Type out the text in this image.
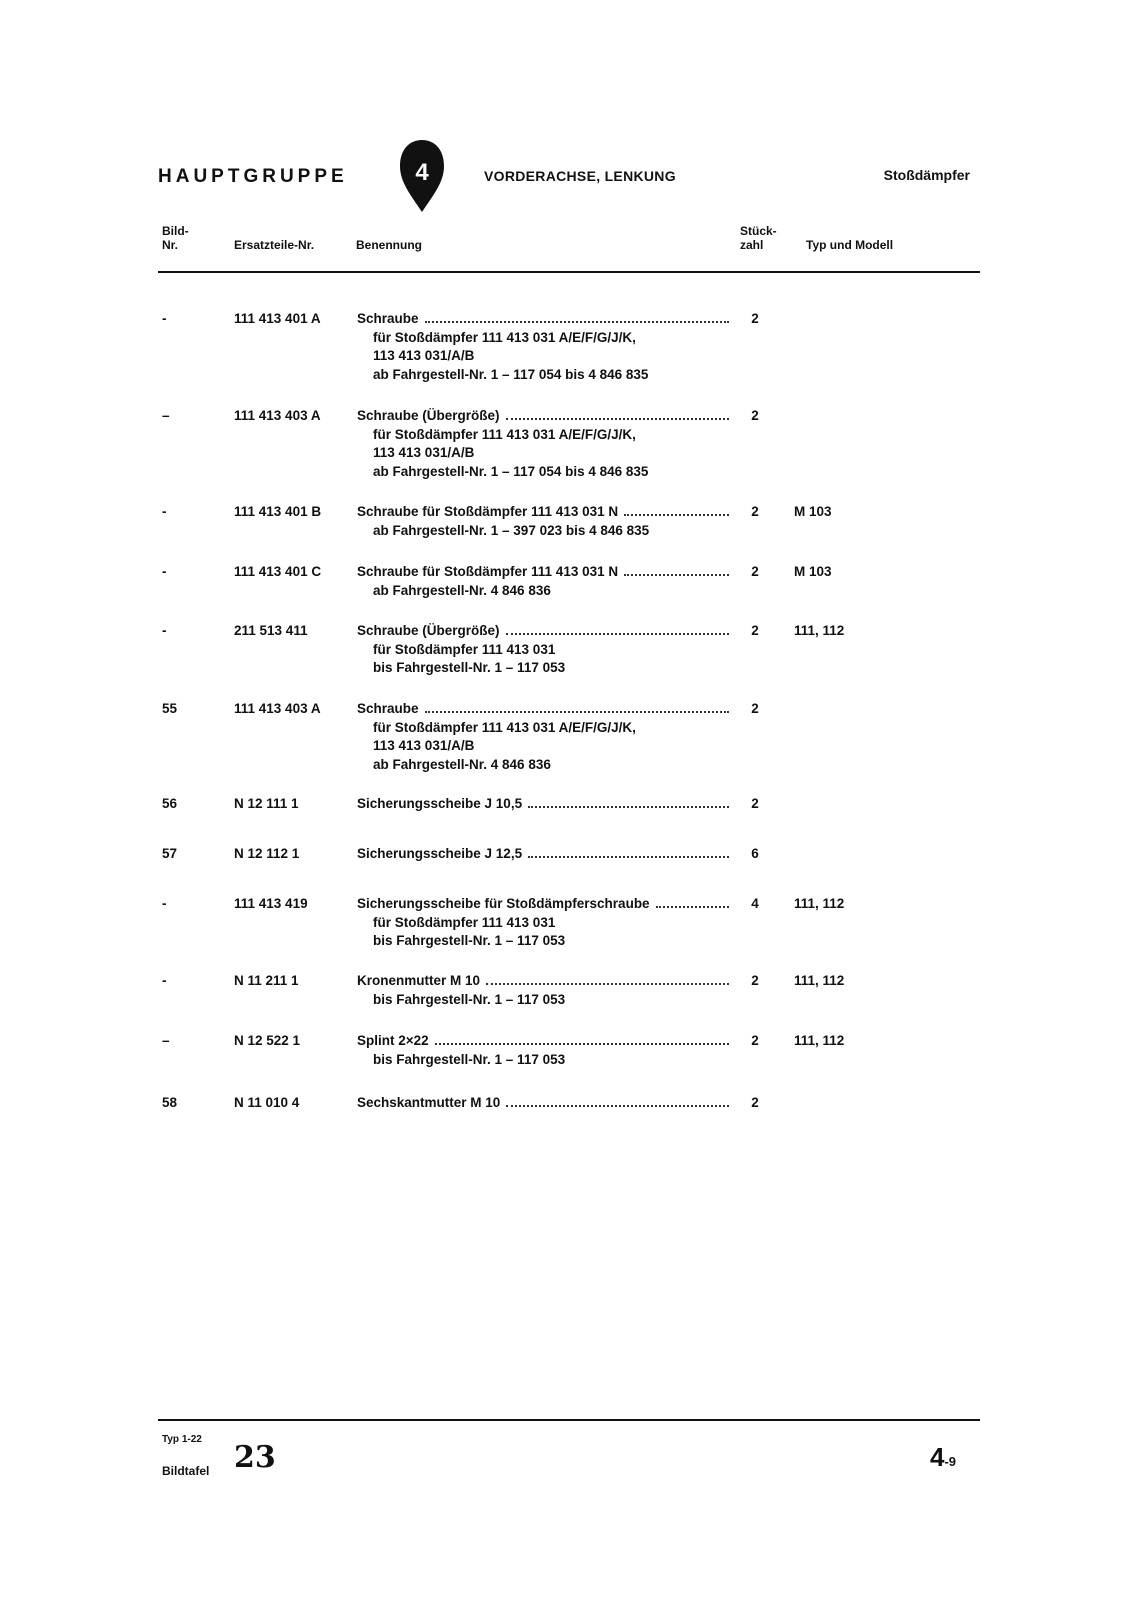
HAUPTGRUPPE	4	VORDERACHSE, LENKUNG	Stoßdämpfer
Bild-
Nr.	Ersatzteile-Nr.	Benennung
Stück-
zahl	Typ und Modell
-	111 413 401 A	Schraube
für Stoßdämpfer 111 413 031 A/E/F/G/J/K,
113 413 031/A/B
ab Fahrgestell-Nr. 1 – 117 054 bis 4 846 835
2
–	111 413 403 A	Schraube (Übergröße)
für Stoßdämpfer 111 413 031 A/E/F/G/J/K,
113 413 031/A/B
ab Fahrgestell-Nr. 1 – 117 054 bis 4 846 835
2
-	111 413 401 B	Schraube für Stoßdämpfer 111 413 031 N
ab Fahrgestell-Nr. 1 – 397 023 bis 4 846 835
2	M 103
-	111 413 401 C	Schraube für Stoßdämpfer 111 413 031 N
ab Fahrgestell-Nr. 4 846 836
2	M 103
-	211 513 411	Schraube (Übergröße)
für Stoßdämpfer 111 413 031
bis Fahrgestell-Nr. 1 – 117 053
2	111, 112
55	111 413 403 A	Schraube
für Stoßdämpfer 111 413 031 A/E/F/G/J/K,
113 413 031/A/B
ab Fahrgestell-Nr. 4 846 836
2
56	N 12 111 1	Sicherungsscheibe J 10,5	2
57	N 12 112 1	Sicherungsscheibe J 12,5	6
-	111 413 419	Sicherungsscheibe für Stoßdämpferschraube
für Stoßdämpfer 111 413 031
bis Fahrgestell-Nr. 1 – 117 053
4	111, 112
-	N 11 211 1	Kronenmutter M 10
bis Fahrgestell-Nr. 1 – 117 053
2	111, 112
–	N 12 522 1	Splint 2×22
bis Fahrgestell-Nr. 1 – 117 053
2	111, 112
58	N 11 010 4	Sechskantmutter M 10	2
Typ 1-22
Bildtafel 23	4-9
